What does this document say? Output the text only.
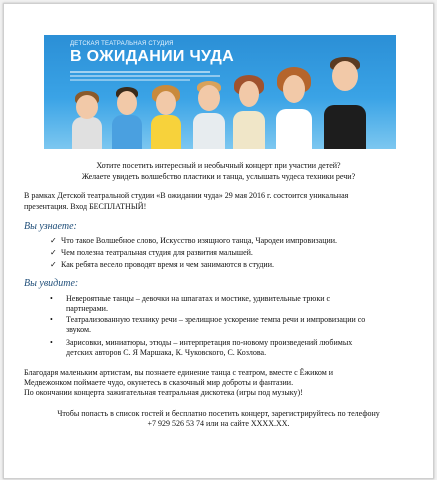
ДЕТСКАЯ ТЕАТРАЛЬНАЯ СТУДИЯ
В ОЖИДАНИИ ЧУДА
Хотите посетить интересный и необычный концерт при участии детей?
Желаете увидеть волшебство пластики и танца, услышать чудеса техники речи?
В рамках Детской театральной студии «В ожидании чуда» 29 мая 2016 г. состоится уникальная
презентация. Вход БЕСПЛАТНЫЙ!
Вы узнаете:
✓ Что такое Волшебное слово, Искусство изящного танца, Чародеи импровизации.
✓ Чем полезна театральная студия для развития малышей.
✓ Как ребята весело проводят время и чем занимаются в студии.
Вы увидите:
• Невероятные танцы – девочки на шпагатах и мостике, удивительные трюки с
партнерами.
• Театрализованную технику речи – зрелищное ускорение темпа речи и импровизации со
звуком.
• Зарисовки, миниатюры, этюды – интерпретация по-новому произведений любимых
детских авторов С. Я Маршака, К. Чуковского, С. Козлова.
Благодаря маленьким артистам, вы познаете единение танца с театром, вместе с Ёжиком и
Медвежонком поймаете чудо, окунетесь в сказочный мир доброты и фантазии.
По окончании концерта зажигательная театральная дискотека (игры под музыку)!
Чтобы попасть в список гостей и бесплатно посетить концерт, зарегистрируйтесь по телефону
+7 929 526 53 74 или на сайте ХХХХ.ХХ.
